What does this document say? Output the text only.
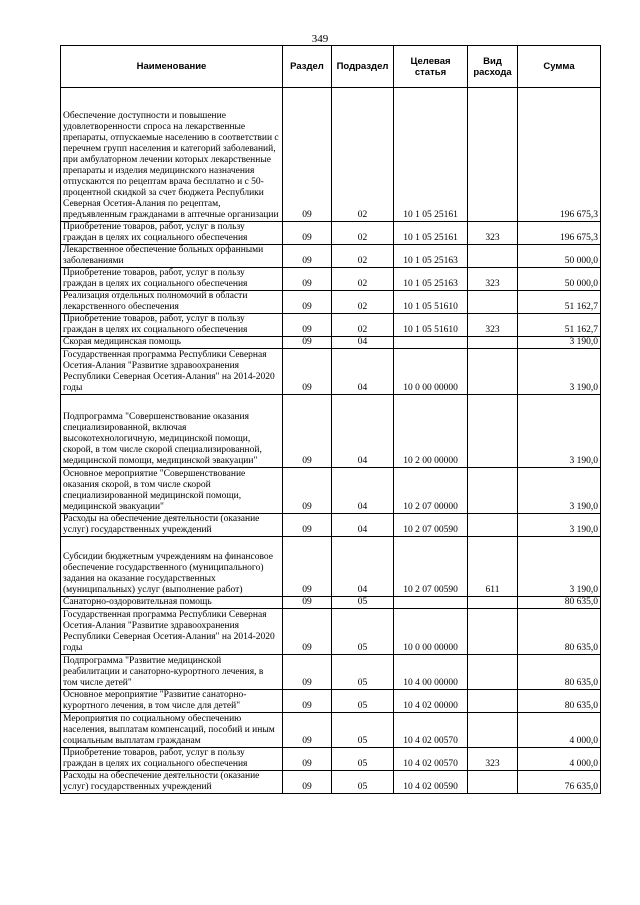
349
Наименование	Раздел	Подраздел	Целевая статья	Вид расхода	Сумма
Обеспечение доступности и повышение удовлетворенности спроса на лекарственные препараты, отпускаемые населению в соответствии с перечнем групп населения и категорий заболеваний, при амбулаторном лечении которых лекарственные препараты и изделия медицинского назначения отпускаются по рецептам врача бесплатно и с 50-процентной скидкой за счет бюджета Республики Северная Осетия-Алания по рецептам, предъявленным гражданами в аптечные организации	09	02	10 1 05 25161		196 675,3
Приобретение товаров, работ, услуг в пользу граждан в целях их социального обеспечения	09	02	10 1 05 25161	323	196 675,3
Лекарственное обеспечение больных орфанными заболеваниями	09	02	10 1 05 25163		50 000,0
Приобретение товаров, работ, услуг в пользу граждан в целях их социального обеспечения	09	02	10 1 05 25163	323	50 000,0
Реализация отдельных полномочий в области лекарственного обеспечения	09	02	10 1 05 51610		51 162,7
Приобретение товаров, работ, услуг в пользу граждан в целях их социального обеспечения	09	02	10 1 05 51610	323	51 162,7
Скорая медицинская помощь	09	04			3 190,0
Государственная программа Республики Северная Осетия-Алания "Развитие здравоохранения Республики Северная Осетия-Алания" на 2014-2020 годы	09	04	10 0 00 00000		3 190,0
Подпрограмма "Совершенствование оказания специализированной, включая высокотехнологичную, медицинской помощи, скорой, в том числе скорой специализированной, медицинской помощи, медицинской эвакуации"	09	04	10 2 00 00000		3 190,0
Основное мероприятие "Совершенствование оказания скорой, в том числе скорой специализированной медицинской помощи, медицинской эвакуации"	09	04	10 2 07 00000		3 190,0
Расходы на обеспечение деятельности (оказание услуг) государственных учреждений	09	04	10 2 07 00590		3 190,0
Субсидии бюджетным учреждениям на финансовое обеспечение государственного (муниципального) задания на оказание государственных (муниципальных) услуг (выполнение работ)	09	04	10 2 07 00590	611	3 190,0
Санаторно-оздоровительная помощь	09	05			80 635,0
Государственная программа Республики Северная Осетия-Алания "Развитие здравоохранения Республики Северная Осетия-Алания" на 2014-2020 годы	09	05	10 0 00 00000		80 635,0
Подпрограмма "Развитие медицинской реабилитации и санаторно-курортного лечения, в том числе детей"	09	05	10 4 00 00000		80 635,0
Основное мероприятие "Развитие санаторно-курортного лечения, в том числе для детей"	09	05	10 4 02 00000		80 635,0
Мероприятия по социальному обеспечению населения, выплатам компенсаций, пособий и иным социальным выплатам гражданам	09	05	10 4 02 00570		4 000,0
Приобретение товаров, работ, услуг в пользу граждан в целях их социального обеспечения	09	05	10 4 02 00570	323	4 000,0
Расходы на обеспечение деятельности (оказание услуг) государственных учреждений	09	05	10 4 02 00590		76 635,0
